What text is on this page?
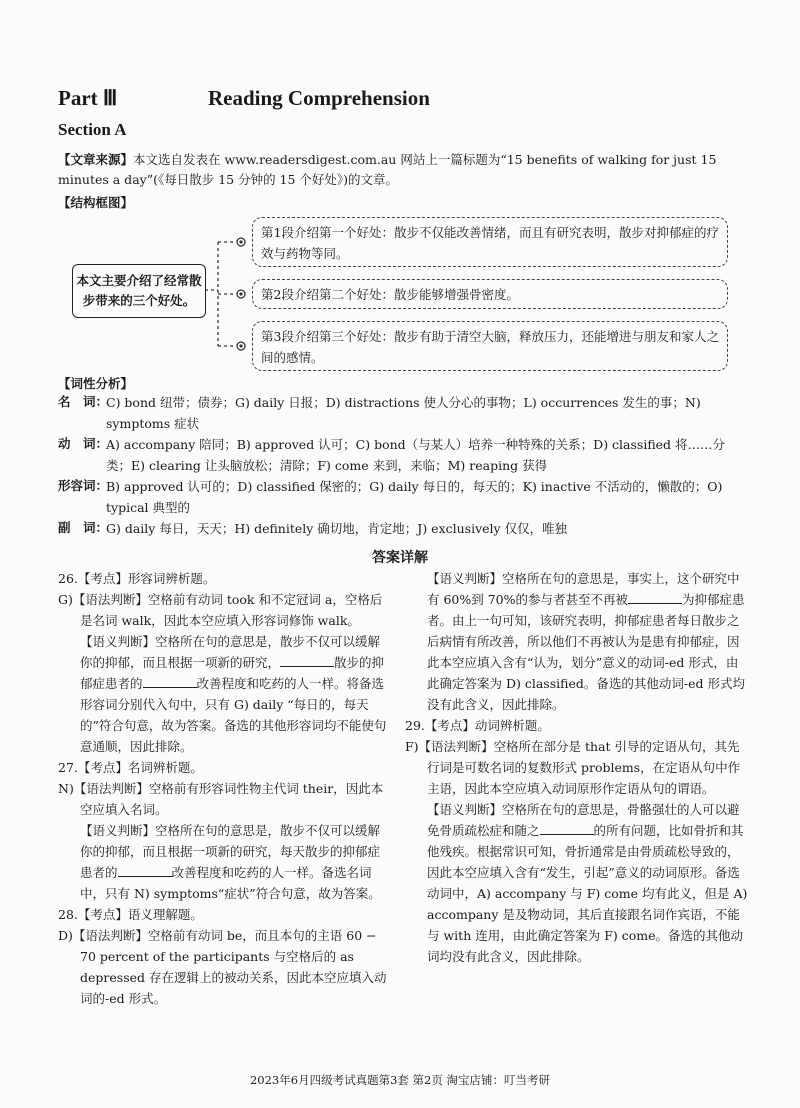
Part Ⅲ	Reading Comprehension
Section A
【文章来源】本文选自发表在 www.readersdigest.com.au 网站上一篇标题为“15 benefits of walking for just 15 minutes a day”(《每日散步 15 分钟的 15 个好处》)的文章。
【结构框图】
本文主要介绍了经常散步带来的三个好处。
第1段介绍第一个好处：散步不仅能改善情绪，而且有研究表明，散步对抑郁症的疗效与药物等同。
第2段介绍第二个好处：散步能够增强骨密度。
第3段介绍第三个好处：散步有助于清空大脑，释放压力，还能增进与朋友和家人之间的感情。
【词性分析】
名　词：
C) bond 纽带；债券；G) daily 日报；D) distractions 使人分心的事物；L) occurrences 发生的事；N) symptoms 症状
动　词：
A) accompany 陪同；B) approved 认可；C) bond（与某人）培养一种特殊的关系；D) classified 将……分类；E) clearing 让头脑放松；清除；F) come 来到，来临；M) reaping 获得
形容词：
B) approved 认可的；D) classified 保密的；G) daily 每日的，每天的；K) inactive 不活动的，懒散的；O) typical 典型的
副　词：
G) daily 每日，天天；H) definitely 确切地，肯定地；J) exclusively 仅仅，唯独
答案详解

26.【考点】形容词辨析题。

G)【语法判断】空格前有动词 took 和不定冠词 a，空格后是名词 walk，因此本空应填入形容词修饰 walk。

【语义判断】空格所在句的意思是，散步不仅可以缓解你的抑郁，而且根据一项新的研究，	散步的抑郁症患者的	改善程度和吃药的人一样。将备选形容词分别代入句中，只有 G) daily “每日的，每天的”符合句意，故为答案。备选的其他形容词均不能使句意通顺，因此排除。

27.【考点】名词辨析题。

N)【语法判断】空格前有形容词性物主代词 their，因此本空应填入名词。

【语义判断】空格所在句的意思是，散步不仅可以缓解你的抑郁，而且根据一项新的研究，每天散步的抑郁症患者的	改善程度和吃药的人一样。备选名词中，只有 N) symptoms“症状”符合句意，故为答案。

28.【考点】语义理解题。

D)【语法判断】空格前有动词 be，而且本句的主语 60 − 70 percent of the participants 与空格后的 as depressed 存在逻辑上的被动关系，因此本空应填入动词的-ed 形式。

【语义判断】空格所在句的意思是，事实上，这个研究中有 60%到 70%的参与者甚至不再被	为抑郁症患者。由上一句可知，该研究表明，抑郁症患者每日散步之后病情有所改善，所以他们不再被认为是患有抑郁症，因此本空应填入含有“认为，划分”意义的动词-ed 形式，由此确定答案为 D) classified。备选的其他动词-ed 形式均没有此含义，因此排除。

29.【考点】动词辨析题。

F)【语法判断】空格所在部分是 that 引导的定语从句，其先行词是可数名词的复数形式 problems，在定语从句中作主语，因此本空应填入动词原形作定语从句的谓语。

【语义判断】空格所在句的意思是，骨骼强壮的人可以避免骨质疏松症和随之	的所有问题，比如骨折和其他残疾。根据常识可知，骨折通常是由骨质疏松导致的，因此本空应填入含有“发生，引起”意义的动词原形。备选动词中，A) accompany 与 F) come 均有此义，但是 A) accompany 是及物动词，其后直接跟名词作宾语，不能与 with 连用，由此确定答案为 F) come。备选的其他动词均没有此含义，因此排除。

2023年6月四级考试真题第3套 第2页 淘宝店铺：叮当考研
